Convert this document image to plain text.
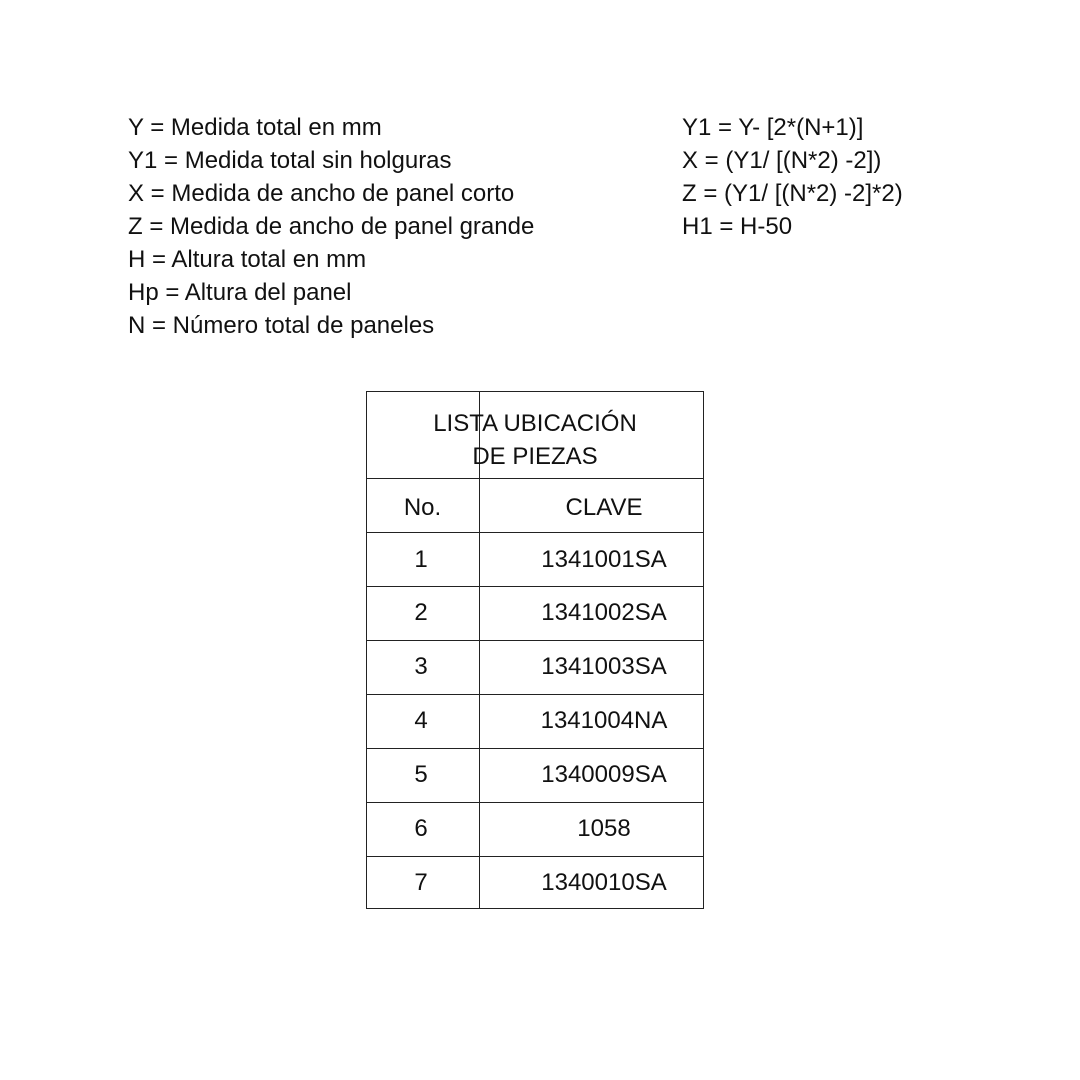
Y = Medida total en mm
Y1 = Medida total sin holguras
X = Medida de ancho de panel corto
Z = Medida de ancho de panel grande
H = Altura total en mm
Hp = Altura del panel
N = Número total de paneles
Y1 = Y- [2*(N+1)]
X = (Y1/ [(N*2) -2])
Z = (Y1/ [(N*2) -2]*2)
H1 = H-50
LISTA UBICACIÓN
DE PIEZAS
No.	CLAVE
1	1341001SA
2	1341002SA
3	1341003SA
4	1341004NA
5	1340009SA
6	1058
7	1340010SA
